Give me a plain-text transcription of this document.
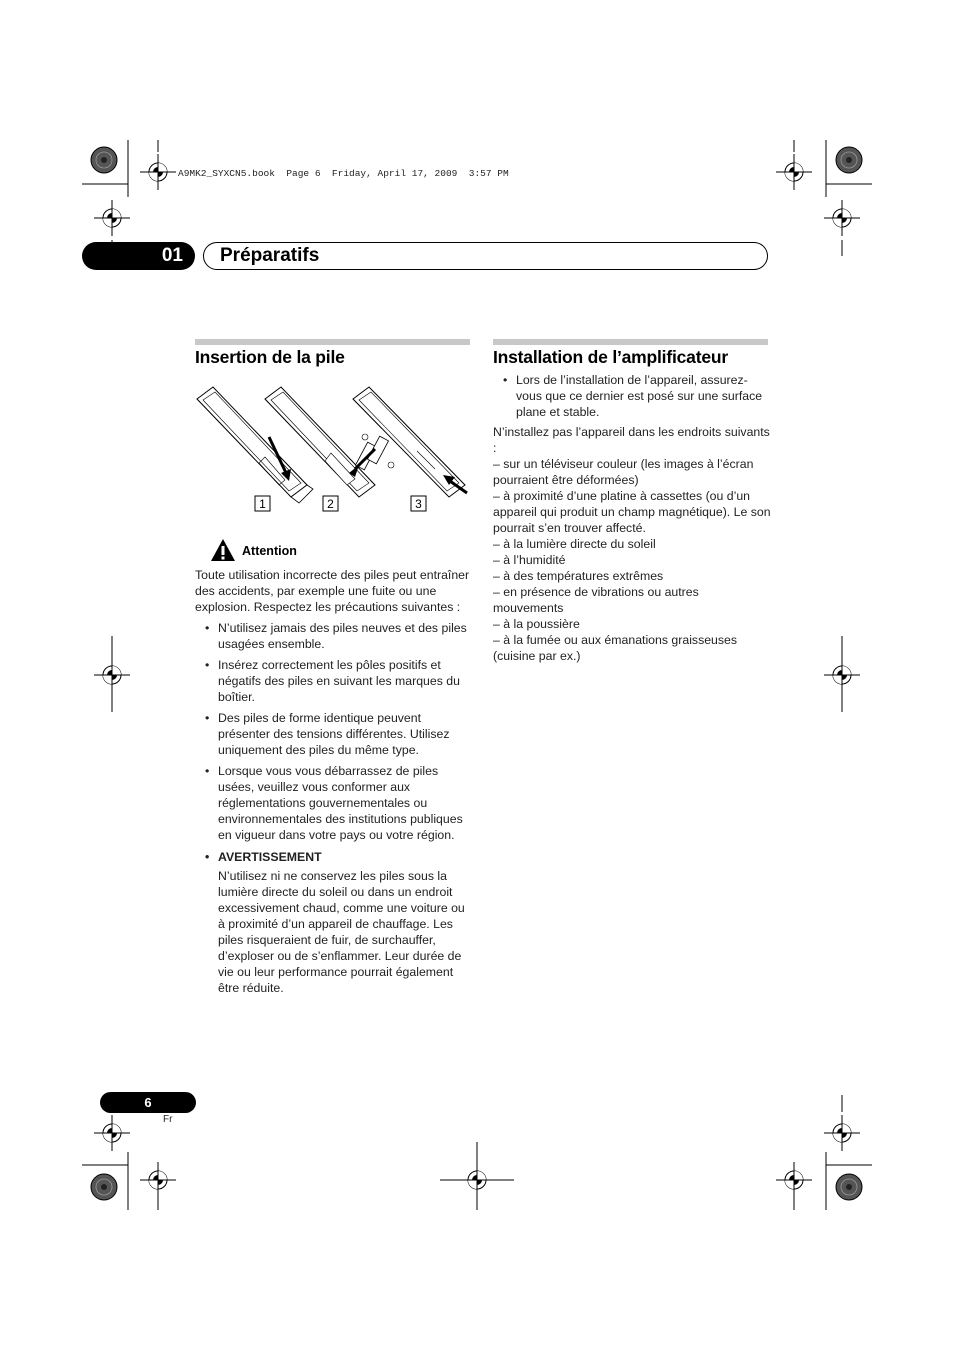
A9MK2_SYXCN5.book  Page 6  Friday, April 17, 2009  3:57 PM
01	Préparatifs
Insertion de la pile
1	2	3
Attention

Toute utilisation incorrecte des piles peut entraîner des accidents, par exemple une fuite ou une explosion. Respectez les précautions suivantes :

• N’utilisez jamais des piles neuves et des piles usagées ensemble.
• Insérez correctement les pôles positifs et négatifs des piles en suivant les marques du boîtier.
• Des piles de forme identique peuvent présenter des tensions différentes. Utilisez uniquement des piles du même type.
• Lorsque vous vous débarrassez de piles usées, veuillez vous conformer aux réglementations gouvernementales ou environnementales des institutions publiques en vigueur dans votre pays ou votre région.
• AVERTISSEMENT
N’utilisez ni ne conservez les piles sous la lumière directe du soleil ou dans un endroit excessivement chaud, comme une voiture ou à proximité d’un appareil de chauffage. Les piles risqueraient de fuir, de surchauffer, d’exploser ou de s’enflammer. Leur durée de vie ou leur performance pourrait également être réduite.
Installation de l’amplificateur
• Lors de l’installation de l’appareil, assurez-vous que ce dernier est posé sur une surface plane et stable.

N’installez pas l’appareil dans les endroits suivants :

– sur un téléviseur couleur (les images à l’écran pourraient être déformées)

– à proximité d’une platine à cassettes (ou d’un appareil qui produit un champ magnétique). Le son pourrait s’en trouver affecté.

– à la lumière directe du soleil

– à l’humidité

– à des températures extrêmes

– en présence de vibrations ou autres mouvements

– à la poussière

– à la fumée ou aux émanations graisseuses (cuisine par ex.)

6
Fr
